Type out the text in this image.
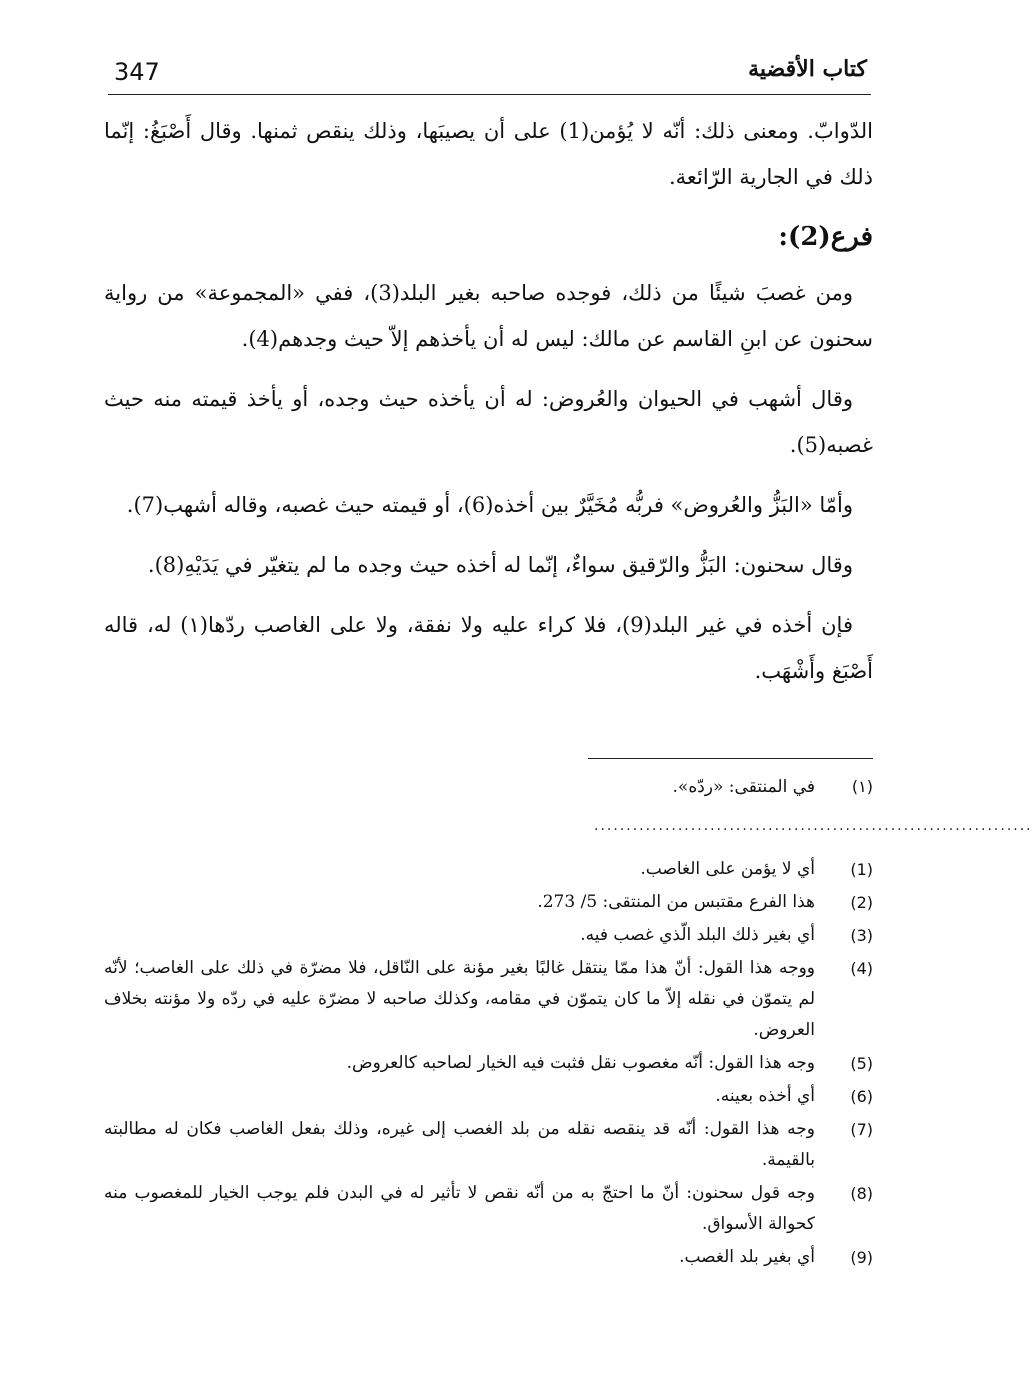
347	كتاب الأقضية

الدّوابّ. ومعنى ذلك: أنّه لا يُؤمن(1) على أن يصيبَها، وذلك ينقص ثمنها. وقال أَصْبَغُ: إنّما ذلك في الجارية الرّائعة.

فرع(2):

ومن غصبَ شيئًا من ذلك، فوجده صاحبه بغير البلد(3)، ففي «المجموعة» من رواية سحنون عن ابنِ القاسم عن مالك: ليس له أن يأخذهم إلاّ حيث وجدهم(4).

وقال أشهب في الحيوان والعُروض: له أن يأخذه حيث وجده، أو يأخذ قيمته منه حيث غصبه(5).

وأمّا «البَزُّ والعُروض» فربُّه مُخَيَّرٌ بين أخذه(6)، أو قيمته حيث غصبه، وقاله أشهب(7).

وقال سحنون: البَزُّ والرّقيق سواءٌ، إنّما له أخذه حيث وجده ما لم يتغيّر في يَدَيْهِ(8).

فإن أخذه في غير البلد(9)، فلا كراء عليه ولا نفقة، ولا على الغاصب ردّها(١) له، قاله أَصْبَغ وأَشْهَب.

(١)
في المنتقى: «ردّه».
....................................................................
(1)
أي لا يؤمن على الغاصب.
(2)
هذا الفرع مقتبس من المنتقى: 5/ 273.
(3)
أي بغير ذلك البلد الّذي غصب فيه.
(4)
ووجه هذا القول: أنّ هذا ممّا ينتقل غالبًا بغير مؤنة على النّاقل، فلا مضرّة في ذلك على الغاصب؛ لأنّه لم يتموّن في نقله إلاّ ما كان يتموّن في مقامه، وكذلك صاحبه لا مضرّة عليه في ردّه ولا مؤنته بخلاف العروض.
(5)
وجه هذا القول: أنّه مغصوب نقل فثبت فيه الخيار لصاحبه كالعروض.
(6)
أي أخذه بعينه.
(7)
وجه هذا القول: أنّه قد ينقصه نقله من بلد الغصب إلى غيره، وذلك بفعل الغاصب فكان له مطالبته بالقيمة.
(8)
وجه قول سحنون: أنّ ما احتجّ به من أنّه نقص لا تأثير له في البدن فلم يوجب الخيار للمغصوب منه كحوالة الأسواق.
(9)
أي بغير بلد الغصب.
